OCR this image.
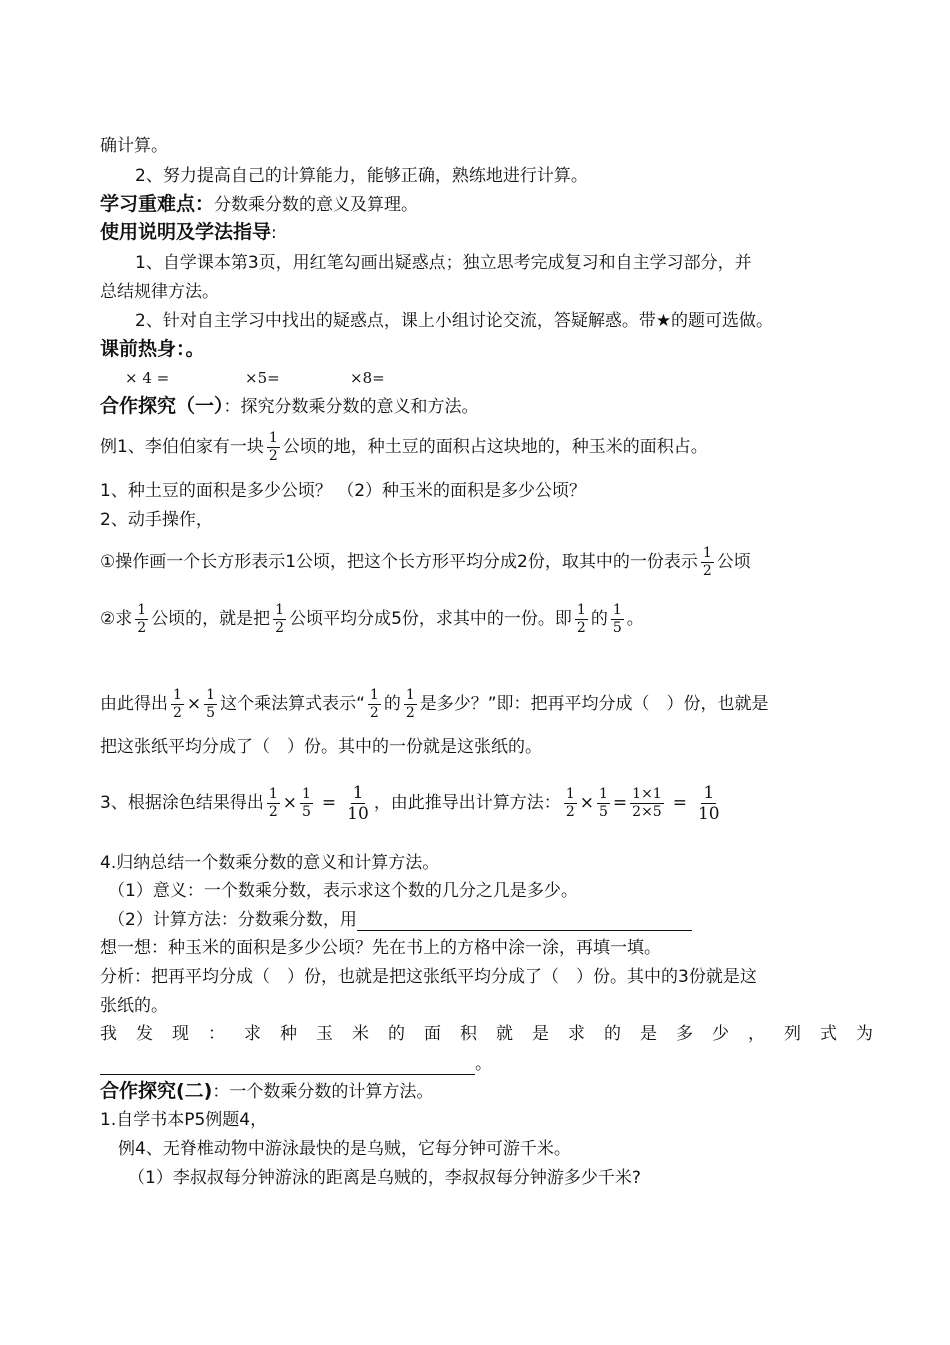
确计算。
2、努力提高自己的计算能力，能够正确，熟练地进行计算。
学习重难点：分数乘分数的意义及算理。
使用说明及学法指导:
1、自学课本第3页，用红笔勾画出疑惑点；独立思考完成复习和自主学习部分，并
总结规律方法。
2、针对自主学习中找出的疑惑点，课上小组讨论交流，答疑解惑。带★的题可选做。
课前热身：。
× 4 =	×5=	×8=
合作探究（一）：探究分数乘分数的意义和方法。
例1、李伯伯家有一块 $\frac{1}{2}$ 公顷的地，种土豆的面积占这块地的，种玉米的面积占。
1、种土豆的面积是多少公顷？ （2）种玉米的面积是多少公顷？
2、动手操作，
①操作画一个长方形表示1公顷，把这个长方形平均分成2份，取其中的一份表示 $\frac{1}{2}$ 公顷
②求 $\frac{1}{2}$ 公顷的，就是把 $\frac{1}{2}$ 公顷平均分成5份，求其中的一份。即 $\frac{1}{2}$ 的 $\frac{1}{5}$ 。
由此得出 $\frac{1}{2} \times \frac{1}{5}$ 这个乘法算式表示“ $\frac{1}{2}$ 的 $\frac{1}{2}$ 是多少？”即：把再平均分成（　）份，也就是
把这张纸平均分成了（　）份。其中的一份就是这张纸的。
3、根据涂色结果得出 $\frac{1}{2} \times \frac{1}{5} = \frac{1}{10}$ ，由此推导出计算方法： $\frac{1}{2} \times \frac{1}{5} = \frac{1\times 1}{2\times 5} = \frac{1}{10}$
4.归纳总结一个数乘分数的意义和计算方法。
（1）意义：一个数乘分数，表示求这个数的几分之几是多少。
（2）计算方法：分数乘分数，用
想一想：种玉米的面积是多少公顷？先在书上的方格中涂一涂，再填一填。
分析：把再平均分成（　）份，也就是把这张纸平均分成了（　）份。其中的3份就是这
张纸的。
我发现：求种玉米的面积就是求的是多少，列式为
。
合作探究(二)：一个数乘分数的计算方法。
1.自学书本P5例题4，
例4、无脊椎动物中游泳最快的是乌贼，它每分钟可游千米。
（1）李叔叔每分钟游泳的距离是乌贼的，李叔叔每分钟游多少千米?
